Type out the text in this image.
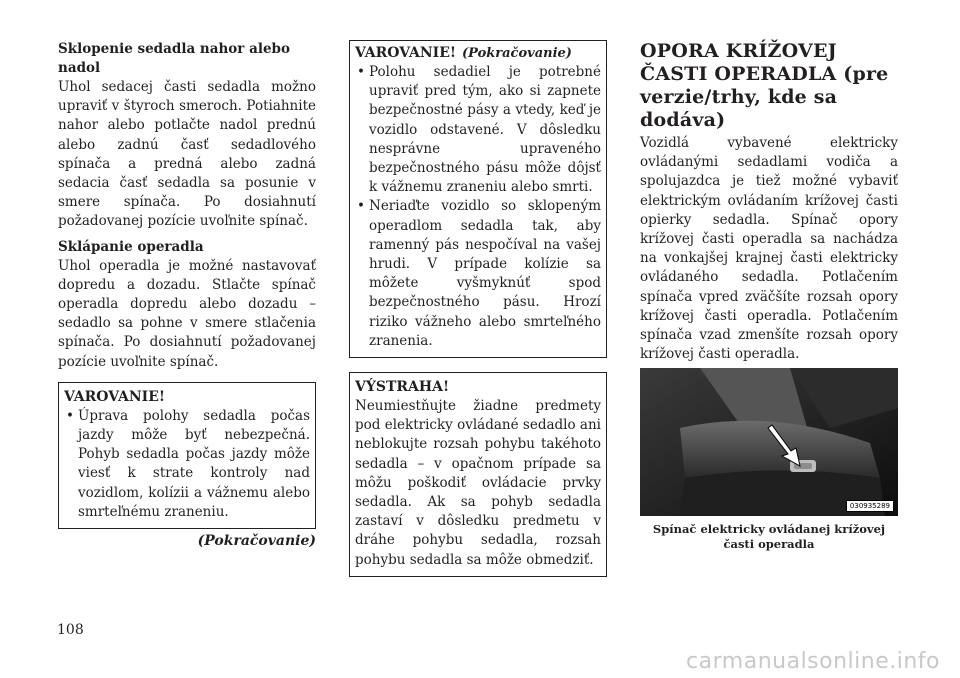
Sklopenie sedadla nahor alebo nadol

Uhol sedacej časti sedadla možno upraviť v štyroch smeroch. Potiahnite nahor alebo potlačte nadol prednú alebo zadnú časť sedadlového spínača a predná alebo zadná sedacia časť sedadla sa posunie v smere spínača. Po dosiahnutí požadovanej pozície uvoľnite spínač.

Sklápanie operadla

Uhol operadla je možné nastavovať dopredu a dozadu. Stlačte spínač operadla dopredu alebo dozadu – sedadlo sa pohne v smere stlačenia spínača. Po dosiahnutí požadovanej pozície uvoľnite spínač.

VAROVANIE!

• Úprava polohy sedadla počas jazdy môže byť nebezpečná. Pohyb sedadla počas jazdy môže viesť k strate kontroly nad vozidlom, kolízii a vážnemu alebo smrteľnému zraneniu.
(Pokračovanie)

VAROVANIE! (Pokračovanie)

• Polohu sedadiel je potrebné upraviť pred tým, ako si zapnete bezpečnostné pásy a vtedy, keď je vozidlo odstavené. V dôsledku nesprávne upraveného bezpečnostného pásu môže dôjsť k vážnemu zraneniu alebo smrti.
• Neriaďte vozidlo so sklopeným operadlom sedadla tak, aby ramenný pás nespočíval na vašej hrudi. V prípade kolízie sa môžete vyšmyknúť spod bezpečnostného pásu. Hrozí riziko vážneho alebo smrteľného zranenia.

VÝSTRAHA!

Neumiestňujte žiadne predmety pod elektricky ovládané sedadlo ani neblokujte rozsah pohybu takéhoto sedadla – v opačnom prípade sa môžu poškodiť ovládacie prvky sedadla. Ak sa pohyb sedadla zastaví v dôsledku predmetu v dráhe pohybu sedadla, rozsah pohybu sedadla sa môže obmedziť.

OPORA KRÍŽOVEJ ČASTI OPERADLA (pre verzie/trhy, kde sa dodáva)

Vozidlá vybavené elektricky ovládanými sedadlami vodiča a spolujazdca je tiež možné vybaviť elektrickým ovládaním krížovej časti opierky sedadla. Spínač opory krížovej časti operadla sa nachádza na vonkajšej krajnej časti elektricky ovládaného sedadla. Potlačením spínača vpred zväčšíte rozsah opory krížovej časti operadla. Potlačením spínača vzad zmenšíte rozsah opory krížovej časti operadla.

030935289
Spínač elektricky ovládanej krížovej časti operadla
108
carmanualsonline.info
